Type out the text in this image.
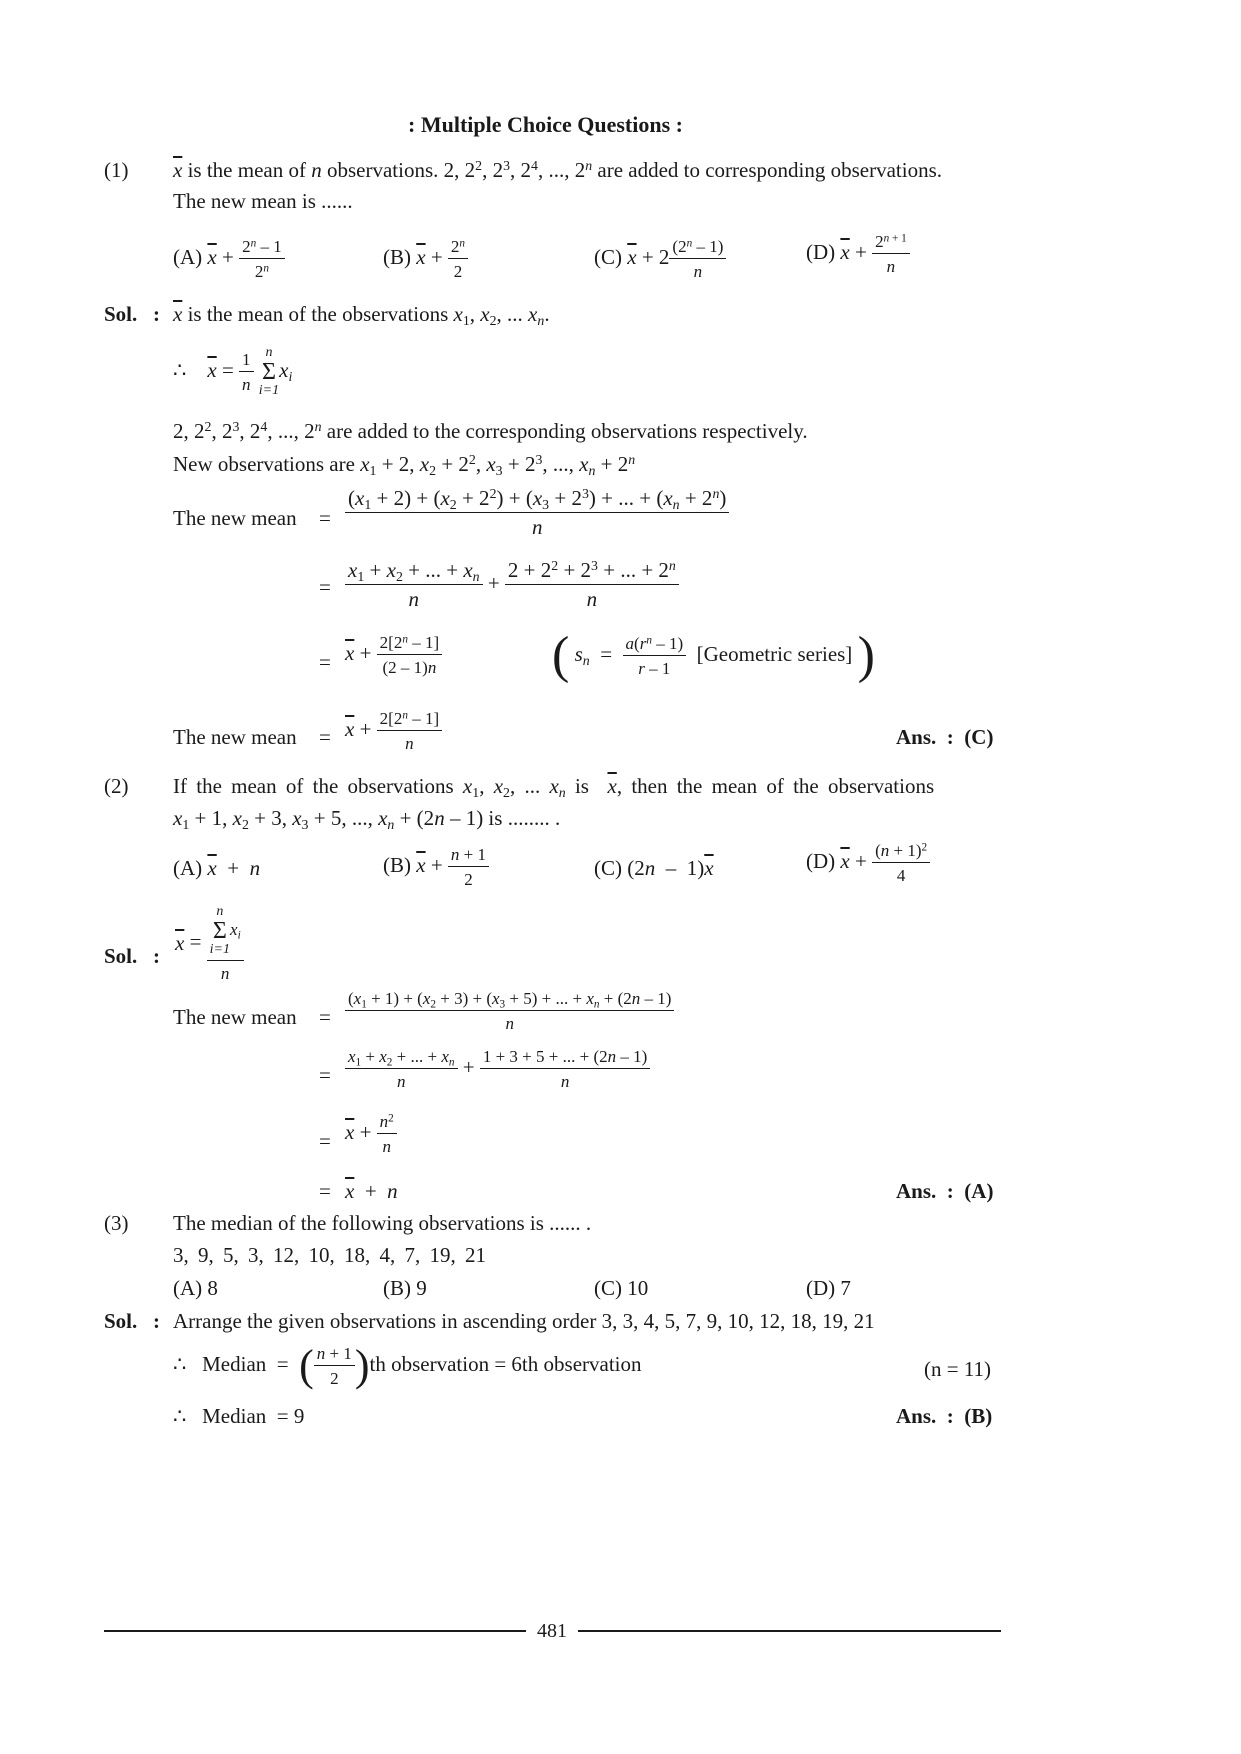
: Multiple Choice Questions :
(1) $\overline{x}$ is the mean of n observations. 2, $2^2$, $2^3$, $2^4$, ..., 2$^n$ are added to corresponding observations.
The new mean is ......
(A) $\overline{x} + \frac{2^n - 1}{2^n}$	(B) $\overline{x} + \frac{2^n}{2}$	(C) $\overline{x} + 2 \frac{(2^n - 1)}{n}$	(D) $\overline{x} + \frac{2^{n + 1}}{n}$
Sol. : $\overline{x}$ is the mean of the observations $x_1$, $x_2$, ... $x_n$.
∴ $\overline{x} = \frac{1}{n}$
n
Σ
i=1
$x_i$
2, $2^2$, $2^3$, $2^4$, ..., 2$^n$ are added to the corresponding observations respectively.
New observations are $x_1 + 2$, $x_2 + 2^2$, $x_3 + 2^3$, ..., $x_n + 2^n$
The new mean = $\frac{(x_1 + 2) + (x_2 + 2^2) + (x_3 + 2^3) + ... + (x_n + 2^n)}{n}$
= $\frac{x_1 + x_2 + ... + x_n}{n} + \frac{2 + 2^2 + 2^3 + ... + 2^n}{n}$
= $\overline{x} + \frac{2[2^n - 1]}{(2 - 1)n}$ ( $s_n = \frac{a(r^n - 1)}{r - 1}$ [Geometric series] )
The new mean = $\overline{x} + \frac{2[2^n - 1]}{n}$	Ans.  :  (C)
(2) If the mean of the observations $x_1$, $x_2$, ... $x_n$ is  $\overline{x}$, then the mean of the observations
$x_1 + 1$, $x_2 + 3$, $x_3 + 5$, ..., $x_n + (2n - 1)$ is ........ .
(A) $\overline{x} + n$	(B) $\overline{x} + \frac{n + 1}{2}$	(C) $(2n - 1)\overline{x}$	(D) $\overline{x} + \frac{(n + 1)^2}{4}$
Sol. :
$\overline{x} = n$
Σ
i=1
$x_i$
n
The new mean = $\frac{(x_1 + 1) + (x_2 + 3) + (x_3 + 5) + ... + x_n + (2n - 1)}{n}$
= $\frac{x_1 + x_2 + ... + x_n}{n} + \frac{1 + 3 + 5 + ... + (2n - 1)}{n}$
= $\overline{x} + \frac{n^2}{n}$
= $\overline{x} + n$	Ans.  :  (A)
(3) The median of the following observations is ...... .
3, 9, 5, 3, 12, 10, 18, 4, 7, 19, 21
(A) 8	(B) 9	(C) 10	(D) 7
Sol. : Arrange the given observations in ascending order 3, 3, 4, 5, 7, 9, 10, 12, 18, 19, 21
∴ Median  =  ( $\frac{n + 1}{2} )th$ observation = 6th observation	(n = 11)
∴ Median = 9	Ans.  :  (B)
481
